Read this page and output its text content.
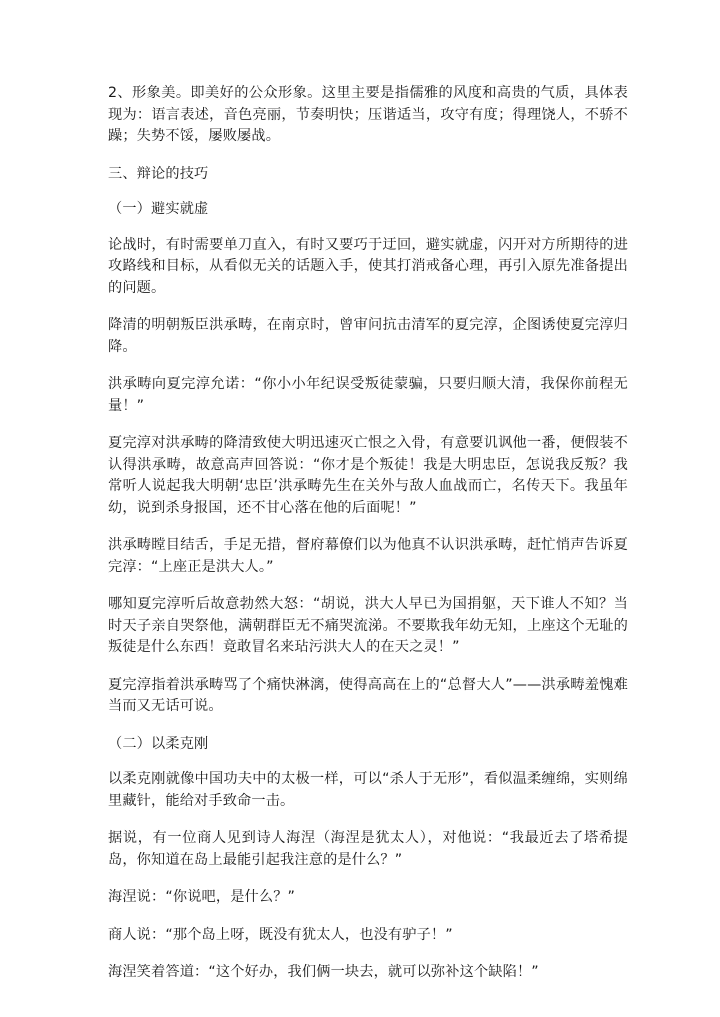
2、形象美。即美好的公众形象。这里主要是指儒雅的风度和高贵的气质，具体表现为：语言表述，音色亮丽，节奏明快；压谐适当，攻守有度；得理饶人，不骄不躁；失势不馁，屡败屡战。

三、辩论的技巧

（一）避实就虚

论战时，有时需要单刀直入，有时又要巧于迂回，避实就虚，闪开对方所期待的进攻路线和目标，从看似无关的话题入手，使其打消戒备心理，再引入原先准备提出的问题。

降清的明朝叛臣洪承畴，在南京时，曾审问抗击清军的夏完淳，企图诱使夏完淳归降。

洪承畴向夏完淳允诺：“你小小年纪误受叛徒蒙骗，只要归顺大清，我保你前程无量！”

夏完淳对洪承畴的降清致使大明迅速灭亡恨之入骨，有意要讥讽他一番，便假装不认得洪承畴，故意高声回答说：“你才是个叛徒！我是大明忠臣，怎说我反叛？我常听人说起我大明朝‘忠臣’洪承畴先生在关外与敌人血战而亡，名传天下。我虽年幼，说到杀身报国，还不甘心落在他的后面呢！”

洪承畴瞠目结舌，手足无措，督府幕僚们以为他真不认识洪承畴，赶忙悄声告诉夏完淳：“上座正是洪大人。”

哪知夏完淳听后故意勃然大怒：“胡说，洪大人早已为国捐躯，天下谁人不知？当时天子亲自哭祭他，满朝群臣无不痛哭流涕。不要欺我年幼无知，上座这个无耻的叛徒是什么东西！竟敢冒名来玷污洪大人的在天之灵！”

夏完淳指着洪承畴骂了个痛快淋漓，使得高高在上的“总督大人”——洪承畴羞愧难当而又无话可说。

（二）以柔克刚

以柔克刚就像中国功夫中的太极一样，可以“杀人于无形”，看似温柔缠绵，实则绵里藏针，能给对手致命一击。

据说，有一位商人见到诗人海涅（海涅是犹太人），对他说：“我最近去了塔希提岛，你知道在岛上最能引起我注意的是什么？”

海涅说：“你说吧，是什么？”

商人说：“那个岛上呀，既没有犹太人，也没有驴子！”

海涅笑着答道：“这个好办，我们俩一块去，就可以弥补这个缺陷！”
